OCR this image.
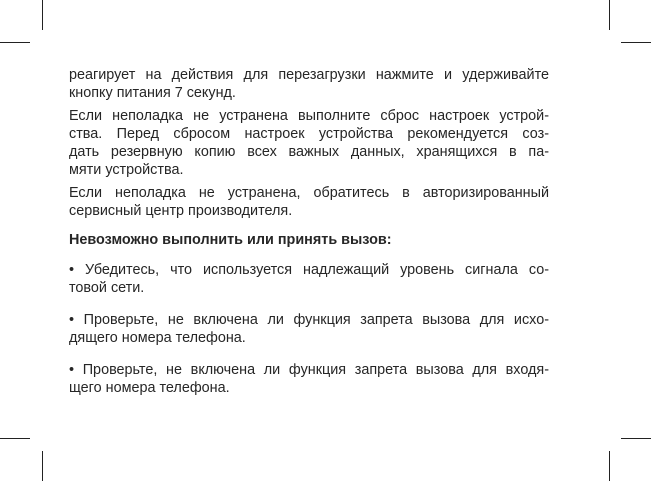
реагирует на действия для перезагрузки нажмите и удерживайте
кнопку питания 7 секунд.

Если неполадка не устранена выполните сброс настроек устрой-
ства. Перед сбросом настроек устройства рекомендуется соз-
дать резервную копию всех важных данных, хранящихся в па-
мяти устройства.

Если неполадка не устранена, обратитесь в авторизированный
сервисный центр производителя.

Невозможно выполнить или принять вызов:

• Убедитесь, что используется надлежащий уровень сигнала со-
товой сети.

• Проверьте, не включена ли функция запрета вызова для исхо-
дящего номера телефона.

• Проверьте, не включена ли функция запрета вызова для входя-
щего номера телефона.
